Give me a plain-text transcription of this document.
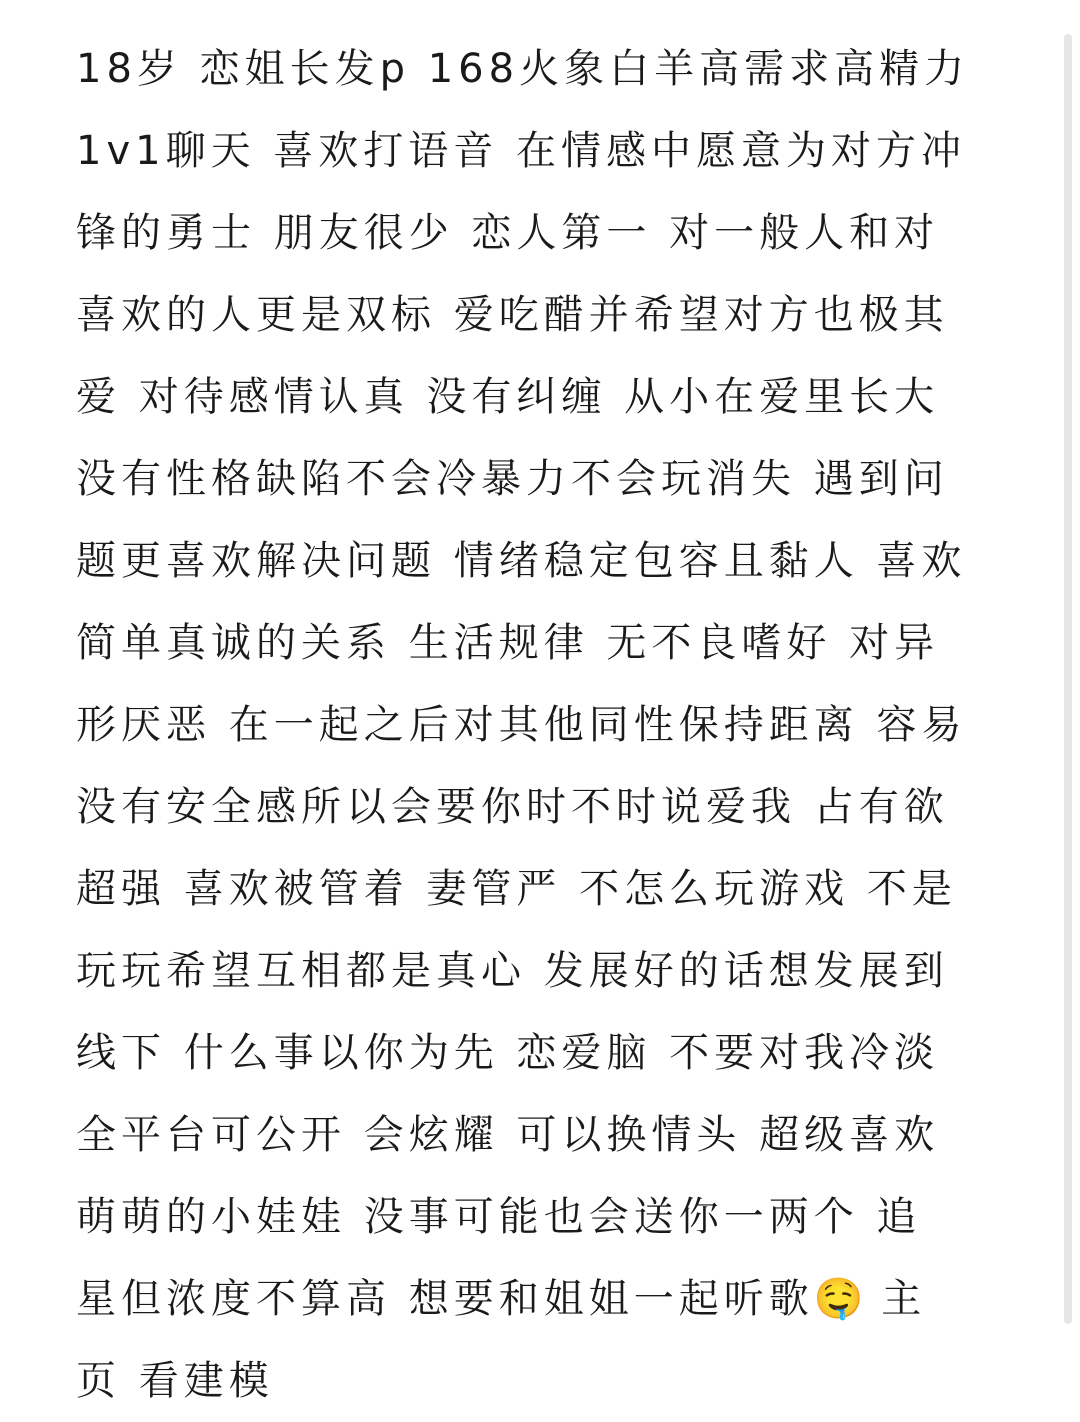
18岁 恋姐长发p 168火象白羊高需求高精力
1v1聊天 喜欢打语音 在情感中愿意为对方冲
锋的勇士 朋友很少 恋人第一 对一般人和对
喜欢的人更是双标 爱吃醋并希望对方也极其
爱 对待感情认真 没有纠缠 从小在爱里长大
没有性格缺陷不会冷暴力不会玩消失 遇到问
题更喜欢解决问题 情绪稳定包容且黏人 喜欢
简单真诚的关系 生活规律 无不良嗜好 对异
形厌恶 在一起之后对其他同性保持距离 容易
没有安全感所以会要你时不时说爱我 占有欲
超强 喜欢被管着 妻管严 不怎么玩游戏 不是
玩玩希望互相都是真心 发展好的话想发展到
线下 什么事以你为先 恋爱脑 不要对我冷淡
全平台可公开 会炫耀 可以换情头 超级喜欢
萌萌的小娃娃 没事可能也会送你一两个 追
星但浓度不算高 想要和姐姐一起听歌🤤 主
页 看建模
